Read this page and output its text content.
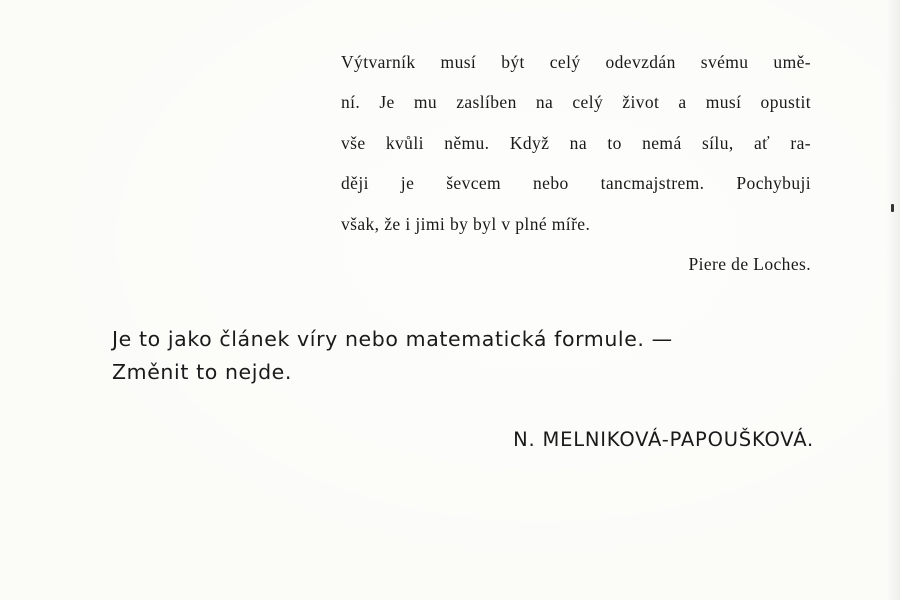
Výtvarník musí být celý odevzdán svému umě-
ní. Je mu zaslíben na celý život a musí opustit
vše kvůli němu. Když na to nemá sílu, ať ra-
ději je ševcem nebo tancmajstrem. Pochybuji
však, že i jimi by byl v plné míře.
Piere de Loches.
Je to jako článek víry nebo matematická formule. —
Změnit to nejde.
N. MELNIKOVÁ-PAPOUŠKOVÁ.
